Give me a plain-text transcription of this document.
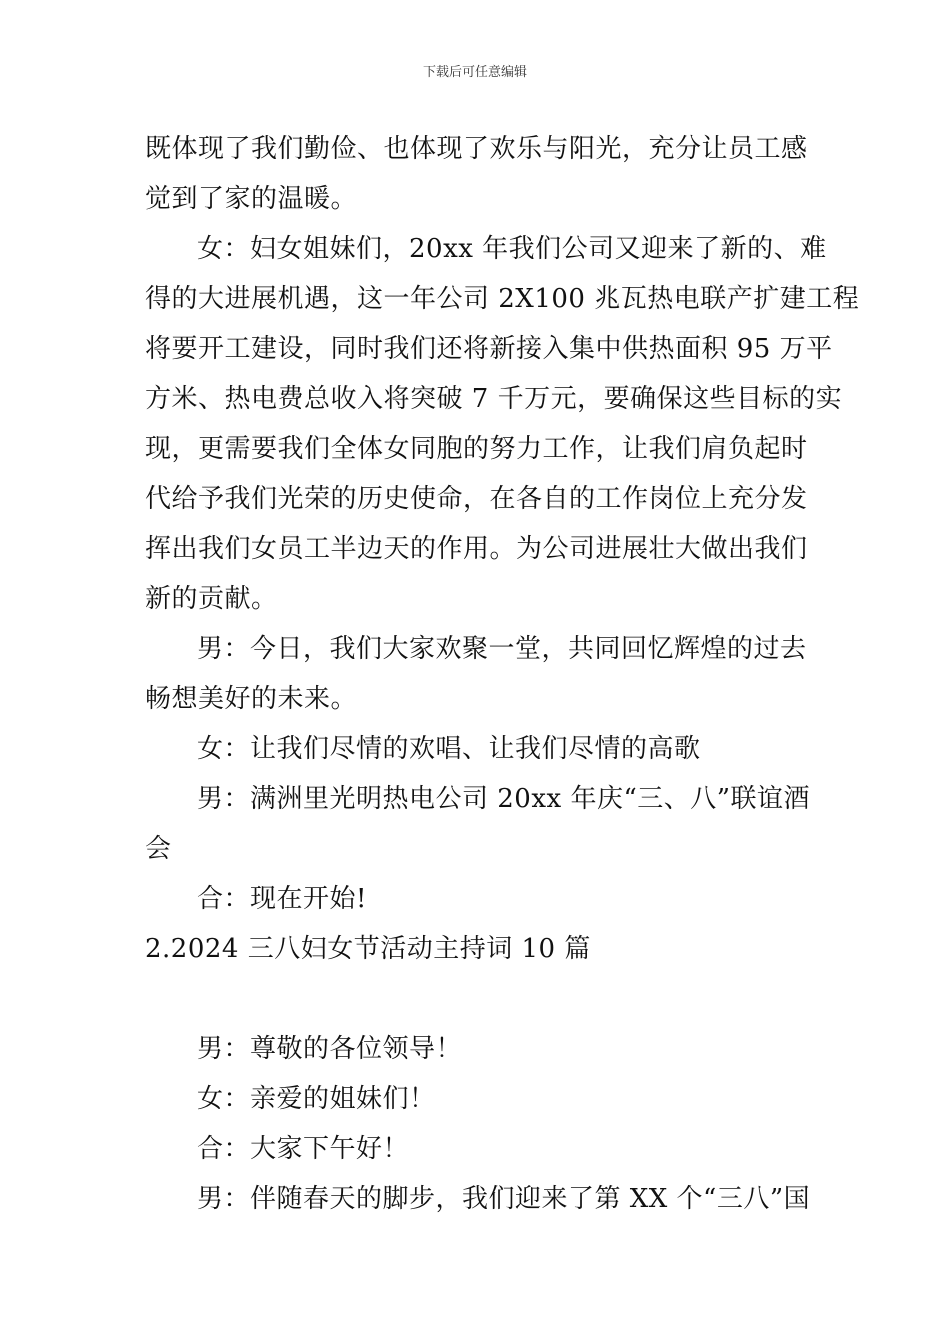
下载后可任意编辑

既体现了我们勤俭、也体现了欢乐与阳光，充分让员工感

觉到了家的温暖。

女：妇女姐妹们，20xx 年我们公司又迎来了新的、难

得的大进展机遇，这一年公司 2X100 兆瓦热电联产扩建工程

将要开工建设，同时我们还将新接入集中供热面积 95 万平

方米、热电费总收入将突破 7 千万元，要确保这些目标的实

现，更需要我们全体女同胞的努力工作，让我们肩负起时

代给予我们光荣的历史使命，在各自的工作岗位上充分发

挥出我们女员工半边天的作用。为公司进展壮大做出我们

新的贡献。

男：今日，我们大家欢聚一堂，共同回忆辉煌的过去

畅想美好的未来。

女：让我们尽情的欢唱、让我们尽情的高歌

男：满洲里光明热电公司 20xx 年庆“三、八”联谊酒

会

合：现在开始!

2.2024 三八妇女节活动主持词 10 篇

男：尊敬的各位领导！

女：亲爱的姐妹们！

合：大家下午好！

男：伴随春天的脚步，我们迎来了第 XX 个“三八”国
